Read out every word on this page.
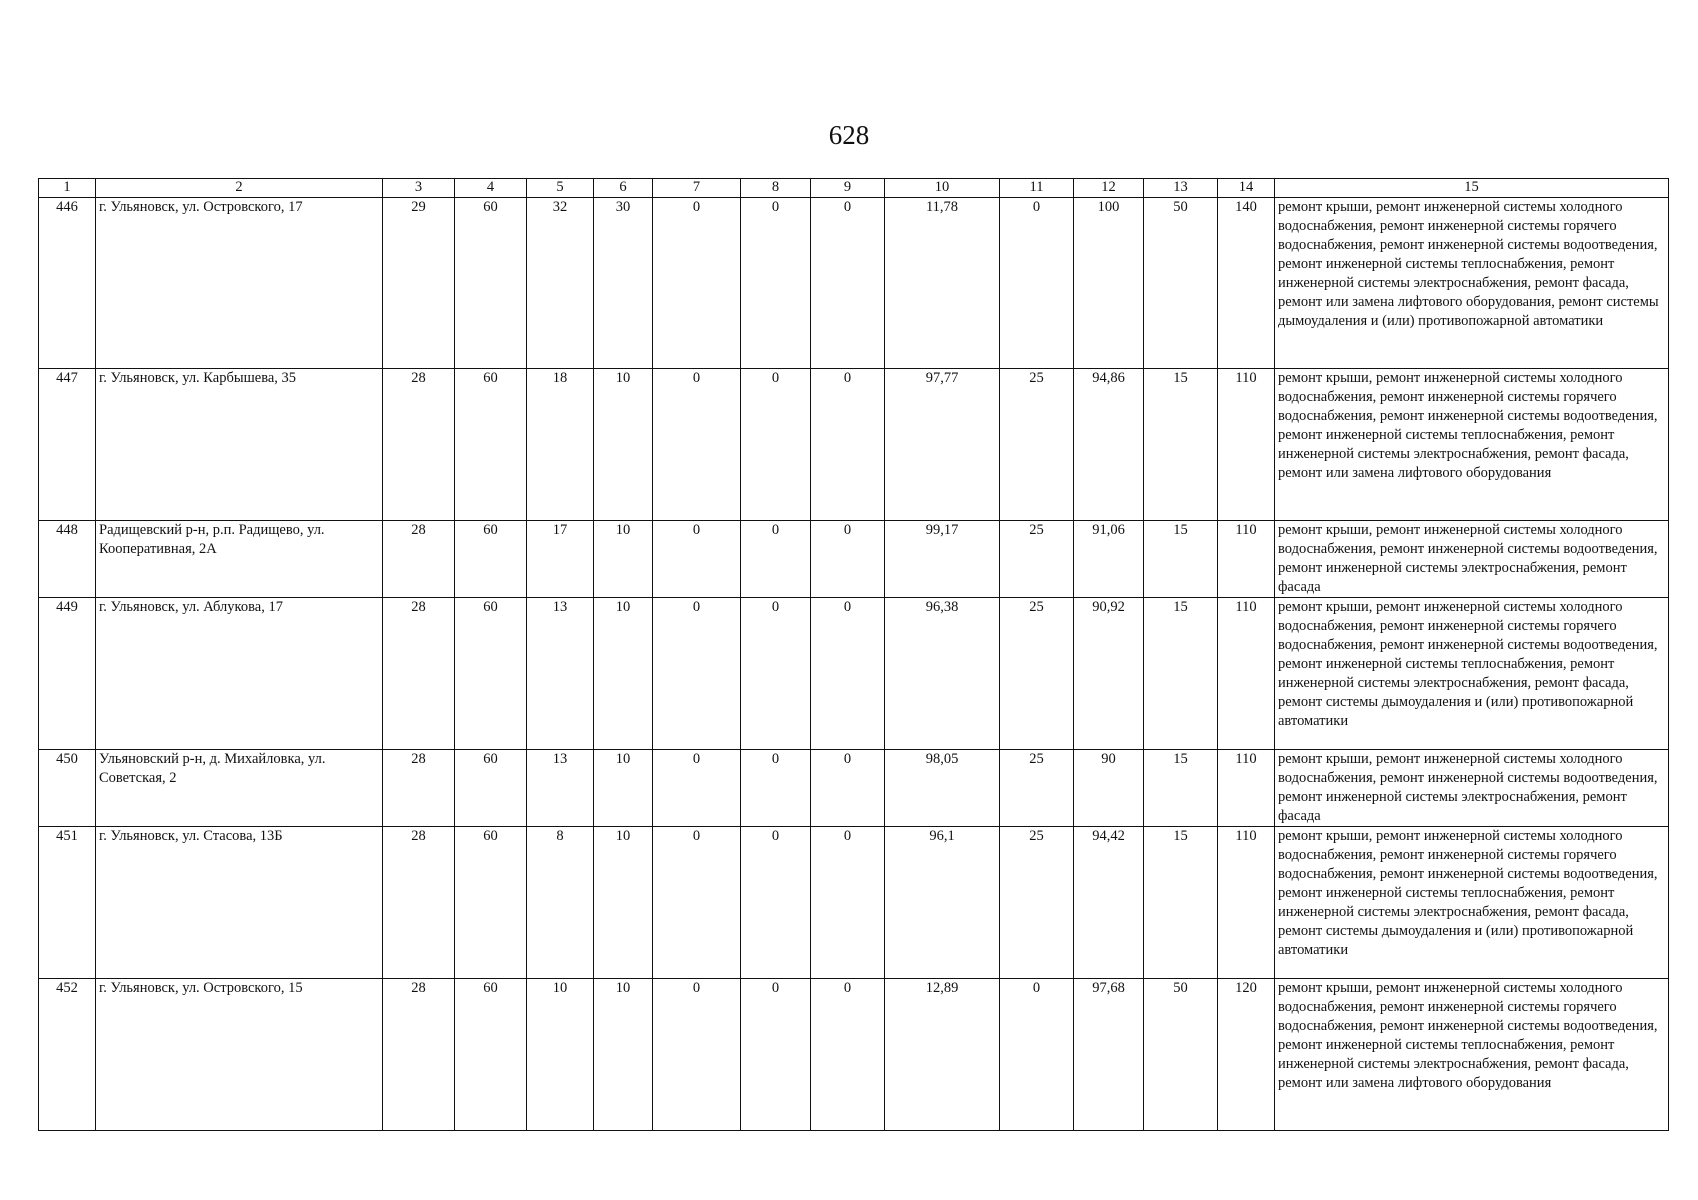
628
1	2	3	4	5	6	7	8	9	10	11	12	13	14	15
446	г. Ульяновск, ул. Островского, 17	29	60	32	30	0	0	0	11,78	0	100	50	140	ремонт крыши, ремонт инженерной системы холодного водоснабжения, ремонт инженерной системы горячего водоснабжения, ремонт инженерной системы водоотведения, ремонт инженерной системы теплоснабжения, ремонт инженерной системы электроснабжения, ремонт фасада, ремонт или замена лифтового оборудования, ремонт системы дымоудаления и (или) противопожарной автоматики
447	г. Ульяновск, ул. Карбышева, 35	28	60	18	10	0	0	0	97,77	25	94,86	15	110	ремонт крыши, ремонт инженерной системы холодного водоснабжения, ремонт инженерной системы горячего водоснабжения, ремонт инженерной системы водоотведения, ремонт инженерной системы теплоснабжения, ремонт инженерной системы электроснабжения, ремонт фасада, ремонт или замена лифтового оборудования
448	Радищевский р-н, р.п. Радищево, ул. Кооперативная, 2А	28	60	17	10	0	0	0	99,17	25	91,06	15	110	ремонт крыши, ремонт инженерной системы холодного водоснабжения, ремонт инженерной системы водоотведения, ремонт инженерной системы электроснабжения, ремонт фасада
449	г. Ульяновск, ул. Аблукова, 17	28	60	13	10	0	0	0	96,38	25	90,92	15	110	ремонт крыши, ремонт инженерной системы холодного водоснабжения, ремонт инженерной системы горячего водоснабжения, ремонт инженерной системы водоотведения, ремонт инженерной системы теплоснабжения, ремонт инженерной системы электроснабжения, ремонт фасада, ремонт системы дымоудаления и (или) противопожарной автоматики
450	Ульяновский р-н, д. Михайловка, ул. Советская, 2	28	60	13	10	0	0	0	98,05	25	90	15	110	ремонт крыши, ремонт инженерной системы холодного водоснабжения, ремонт инженерной системы водоотведения, ремонт инженерной системы электроснабжения, ремонт фасада
451	г. Ульяновск, ул. Стасова, 13Б	28	60	8	10	0	0	0	96,1	25	94,42	15	110	ремонт крыши, ремонт инженерной системы холодного водоснабжения, ремонт инженерной системы горячего водоснабжения, ремонт инженерной системы водоотведения, ремонт инженерной системы теплоснабжения, ремонт инженерной системы электроснабжения, ремонт фасада, ремонт системы дымоудаления и (или) противопожарной автоматики
452	г. Ульяновск, ул. Островского, 15	28	60	10	10	0	0	0	12,89	0	97,68	50	120	ремонт крыши, ремонт инженерной системы холодного водоснабжения, ремонт инженерной системы горячего водоснабжения, ремонт инженерной системы водоотведения, ремонт инженерной системы теплоснабжения, ремонт инженерной системы электроснабжения, ремонт фасада, ремонт или замена лифтового оборудования
